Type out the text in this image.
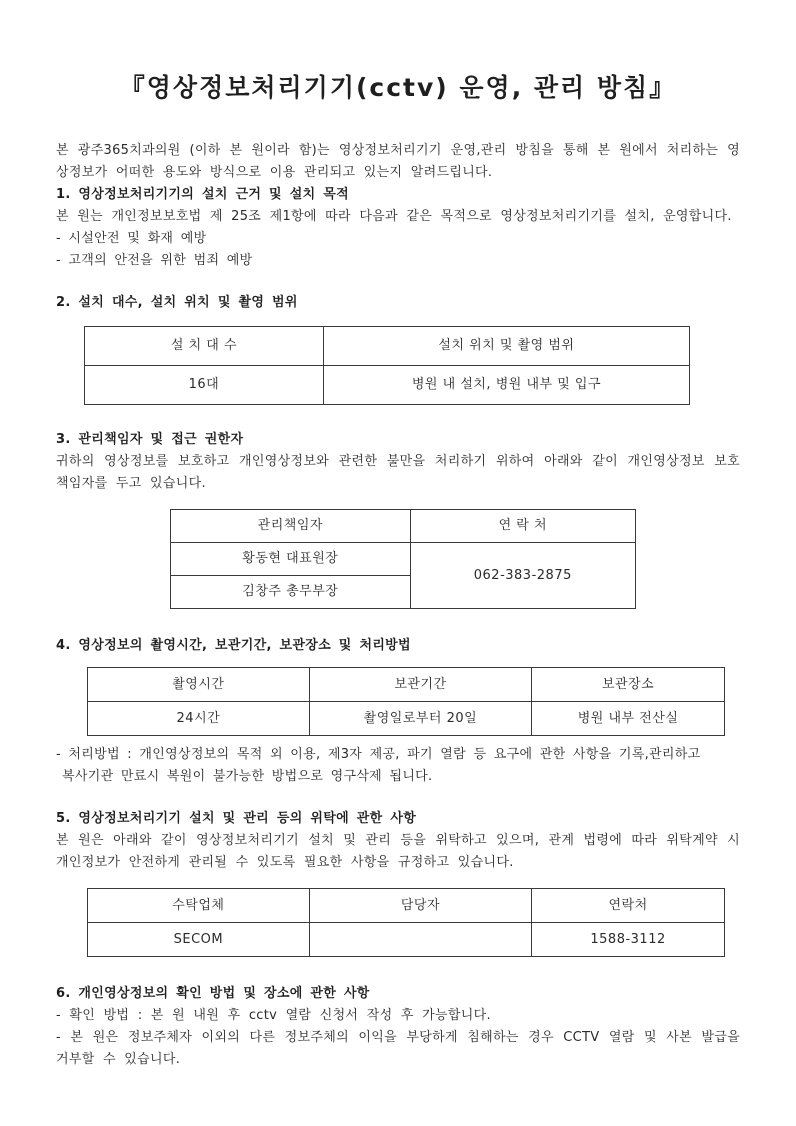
『영상정보처리기기(cctv) 운영, 관리 방침』

본 광주365치과의원 (이하 본 원이라 함)는 영상정보처리기기 운영,관리 방침을 통해 본 원에서 처리하는 영상정보가 어떠한 용도와 방식으로 이용 관리되고 있는지 알려드립니다.

1. 영상정보처리기기의 설치 근거 및 설치 목적

본 원는 개인정보보호법 제 25조 제1항에 따라 다음과 같은 목적으로 영상정보처리기기를 설치, 운영합니다.

- 시설안전 및 화재 예방

- 고객의 안전을 위한 범죄 예방

2. 설치 대수, 설치 위치 및 촬영 범위

설 치 대 수	설치 위치 및 촬영 범위
16대	병원 내 설치, 병원 내부 및 입구

3. 관리책임자 및 접근 권한자

귀하의 영상정보를 보호하고 개인영상정보와 관련한 불만을 처리하기 위하여 아래와 같이 개인영상정보 보호책임자를 두고 있습니다.

관리책임자	연 락 처
황동현 대표원장	062-383-2875
김창주 총무부장	

4. 영상정보의 촬영시간, 보관기간, 보관장소 및 처리방법

촬영시간	보관기간	보관장소
24시간	촬영일로부터 20일	병원 내부 전산실

- 처리방법 : 개인영상정보의 목적 외 이용, 제3자 제공, 파기 열람 등 요구에 관한 사항을 기록,관리하고

복사기관 만료시 복원이 불가능한 방법으로 영구삭제 됩니다.

5. 영상정보처리기기 설치 및 관리 등의 위탁에 관한 사항

본 원은 아래와 같이 영상정보처리기기 설치 및 관리 등을 위탁하고 있으며, 관계 법령에 따라 위탁계약 시 개인정보가 안전하게 관리될 수 있도록 필요한 사항을 규정하고 있습니다.

수탁업체	담당자	연락처
SECOM		1588-3112

6. 개인영상정보의 확인 방법 및 장소에 관한 사항

- 확인 방법 : 본 원 내원 후 cctv 열람 신청서 작성 후 가능합니다.

- 본 원은 정보주체자 이외의 다른 정보주체의 이익을 부당하게 침해하는 경우 CCTV 열람 및 사본 발급을 거부할 수 있습니다.
